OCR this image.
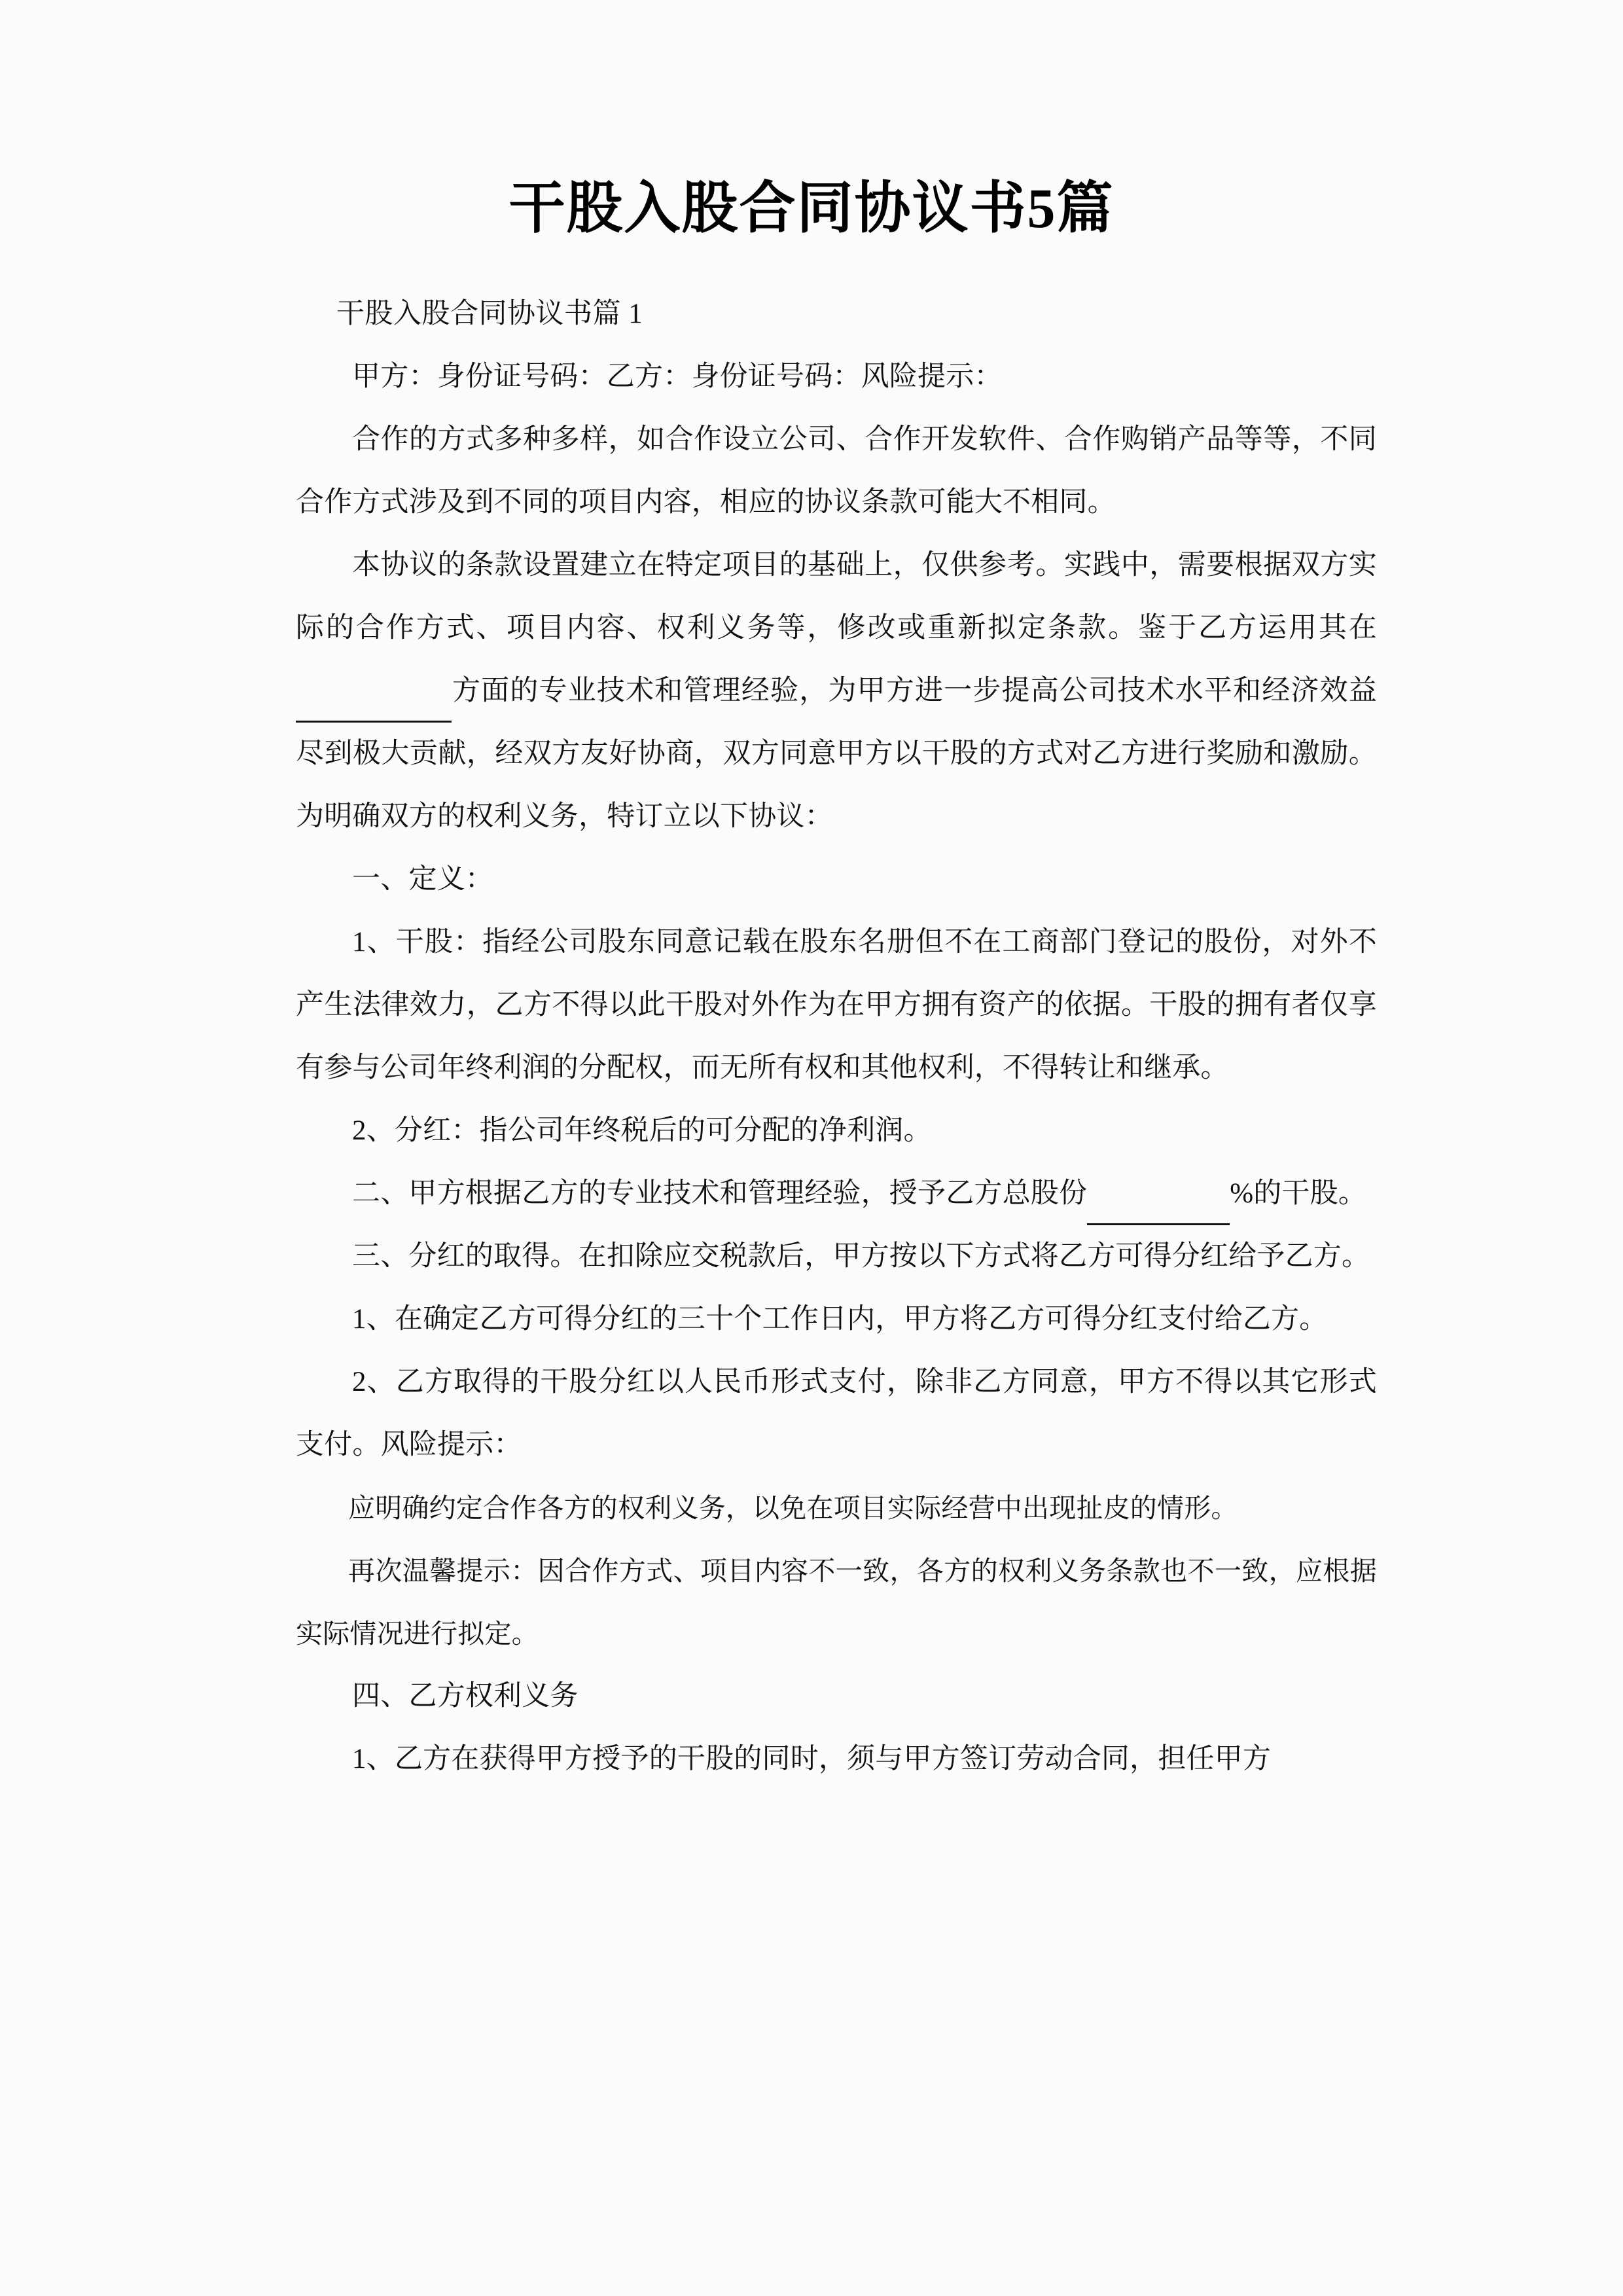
干股入股合同协议书5篇

干股入股合同协议书篇 1

甲方：身份证号码：乙方：身份证号码：风险提示：

合作的方式多种多样，如合作设立公司、合作开发软件、合作购销产品等等，不同合作方式涉及到不同的项目内容，相应的协议条款可能大不相同。

本协议的条款设置建立在特定项目的基础上，仅供参考。实践中，需要根据双方实际的合作方式、项目内容、权利义务等，修改或重新拟定条款。鉴于乙方运用其在方面的专业技术和管理经验，为甲方进一步提高公司技术水平和经济效益尽到极大贡献，经双方友好协商，双方同意甲方以干股的方式对乙方进行奖励和激励。为明确双方的权利义务，特订立以下协议：

一、定义：

1、干股：指经公司股东同意记载在股东名册但不在工商部门登记的股份，对外不产生法律效力，乙方不得以此干股对外作为在甲方拥有资产的依据。干股的拥有者仅享有参与公司年终利润的分配权，而无所有权和其他权利，不得转让和继承。

2、分红：指公司年终税后的可分配的净利润。

二、甲方根据乙方的专业技术和管理经验，授予乙方总股份	%的干股。

三、分红的取得。在扣除应交税款后，甲方按以下方式将乙方可得分红给予乙方。

1、在确定乙方可得分红的三十个工作日内，甲方将乙方可得分红支付给乙方。

2、乙方取得的干股分红以人民币形式支付，除非乙方同意，甲方不得以其它形式支付。风险提示：

应明确约定合作各方的权利义务，以免在项目实际经营中出现扯皮的情形。

再次温馨提示：因合作方式、项目内容不一致，各方的权利义务条款也不一致，应根据实际情况进行拟定。

四、乙方权利义务

1、乙方在获得甲方授予的干股的同时，须与甲方签订劳动合同，担任甲方
